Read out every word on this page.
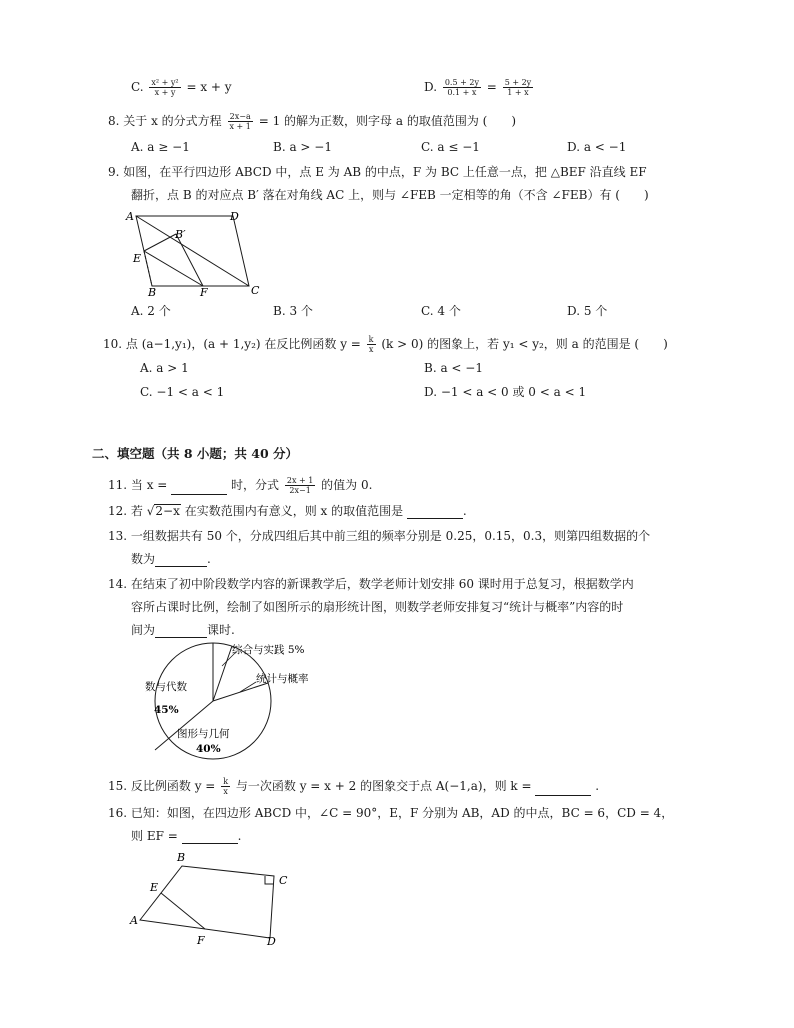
C. $\frac{\text{x² + y²}}{x + y} = x + y$	D. $\frac{0.5 + 2y}{0.1 + x} = \frac{5 + 2y}{1 + x}$
8. 关于 x 的分式方程 $\frac{2x-a}{x + 1} = 1$ 的解为正数，则字母 a 的取值范围为 (　　)
A. a ≥ −1	B. a > −1	C. a ≤ −1	D. a < −1
9. 如图，在平行四边形 ABCD 中，点 E 为 AB 的中点，F 为 BC 上任意一点，把 △BEF 沿直线 EF
翻折，点 B 的对应点 B′ 落在对角线 AC 上，则与 ∠FEB 一定相等的角（不含 ∠FEB）有 (　　)
A	D
B′
E
B	F	C
A. 2 个	B. 3 个	C. 4 个	D. 5 个
10. 点 (a−1,y₁)，(a + 1,y₂) 在反比例函数 $y = \frac{k}{x} (k > 0)$ 的图象上，若 y₁ < y₂，则 a 的范围是 (　　)
A. a > 1	B. a < −1
C. −1 < a < 1	D. −1 < a < 0 或 0 < a < 1
二、填空题（共 8 小题；共 40 分）
11. 当 x =	时，分式 $\frac{2x + 1}{2x-1}$ 的值为 0.
12. 若 √2−x 在实数范围内有意义，则 x 的取值范围是	.
13. 一组数据共有 50 个，分成四组后其中前三组的频率分别是 0.25，0.15，0.3，则第四组数据的个
数为	.
14. 在结束了初中阶段数学内容的新课教学后，数学老师计划安排 60 课时用于总复习，根据数学内
容所占课时比例，绘制了如图所示的扇形统计图，则数学老师安排复习“统计与概率”内容的时
间为	课时.
综合与实践 5%
统计与概率
数与代数
45%
图形与几何
40%
15. 反比例函数 $y = \frac{k}{x}$ 与一次函数 y = x + 2 的图象交于点 A(−1,a)，则 k =	.
16. 已知：如图，在四边形 ABCD 中，∠C = 90°，E，F 分别为 AB，AD 的中点，BC = 6，CD = 4，
则 EF =	.
A
B
C
D
E
F
